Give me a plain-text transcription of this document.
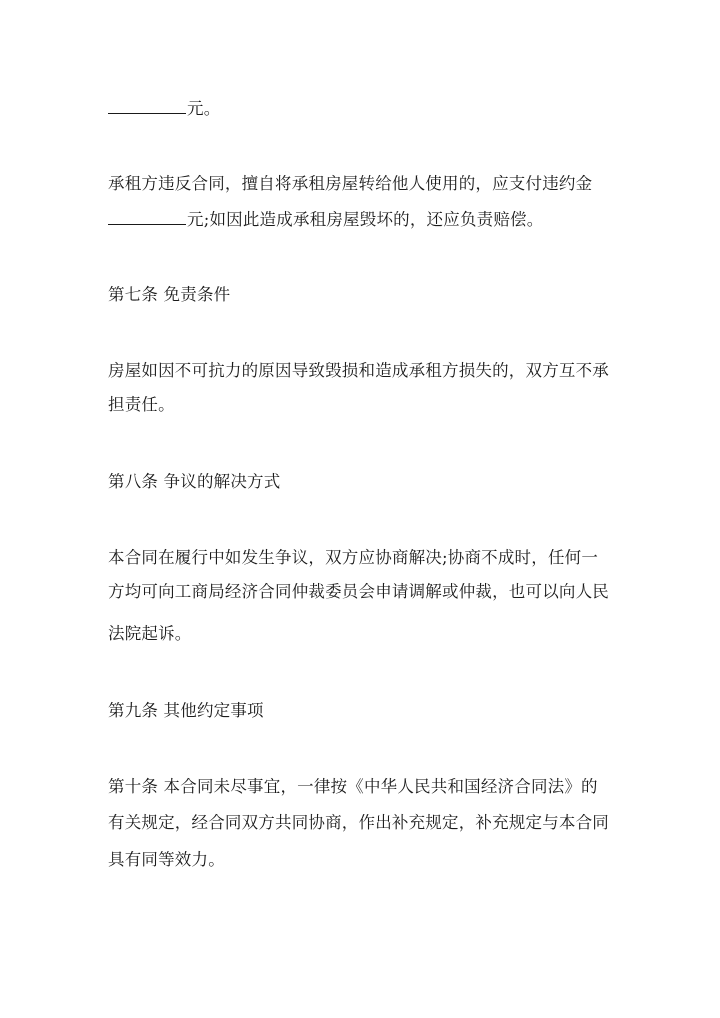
元。
承租方违反合同，擅自将承租房屋转给他人使用的，应支付违约金
元;如因此造成承租房屋毁坏的，还应负责赔偿。
第七条 免责条件
房屋如因不可抗力的原因导致毁损和造成承租方损失的，双方互不承
担责任。
第八条 争议的解决方式
本合同在履行中如发生争议，双方应协商解决;协商不成时，任何一
方均可向工商局经济合同仲裁委员会申请调解或仲裁，也可以向人民
法院起诉。
第九条 其他约定事项
第十条 本合同未尽事宜，一律按《中华人民共和国经济合同法》的
有关规定，经合同双方共同协商，作出补充规定，补充规定与本合同
具有同等效力。
